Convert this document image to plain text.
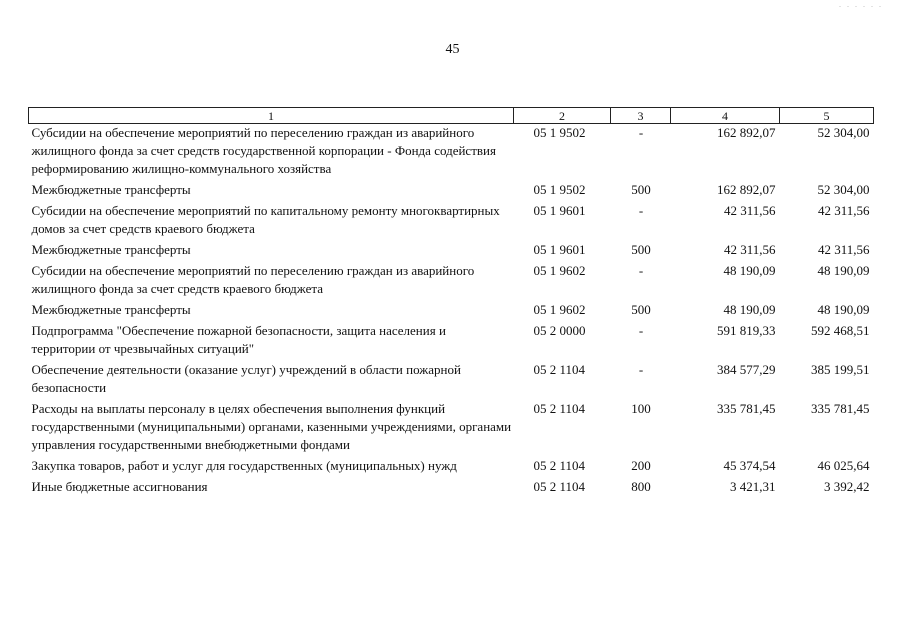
. . . . . .
45
1	2	3	4	5
Субсидии на обеспечение мероприятий по переселению граждан из аварийного жилищного фонда за счет средств государственной корпорации - Фонда содействия реформированию жилищно-коммунального хозяйства	05 1 9502	-	162 892,07	52 304,00
Межбюджетные трансферты	05 1 9502	500	162 892,07	52 304,00
Субсидии на обеспечение мероприятий по капитальному ремонту многоквартирных домов за счет средств краевого бюджета	05 1 9601	-	42 311,56	42 311,56
Межбюджетные трансферты	05 1 9601	500	42 311,56	42 311,56
Субсидии на обеспечение мероприятий по переселению граждан из аварийного жилищного фонда за счет средств краевого бюджета	05 1 9602	-	48 190,09	48 190,09
Межбюджетные трансферты	05 1 9602	500	48 190,09	48 190,09
Подпрограмма "Обеспечение пожарной безопасности, защита населения и территории от чрезвычайных ситуаций"	05 2 0000	-	591 819,33	592 468,51
Обеспечение деятельности (оказание услуг) учреждений в области пожарной безопасности	05 2 1104	-	384 577,29	385 199,51
Расходы на выплаты персоналу в целях обеспечения выполнения функций государственными (муниципальными) органами, казенными учреждениями, органами управления государственными внебюджетными фондами	05 2 1104	100	335 781,45	335 781,45
Закупка товаров, работ и услуг для государственных (муниципальных) нужд	05 2 1104	200	45 374,54	46 025,64
Иные бюджетные ассигнования	05 2 1104	800	3 421,31	3 392,42
